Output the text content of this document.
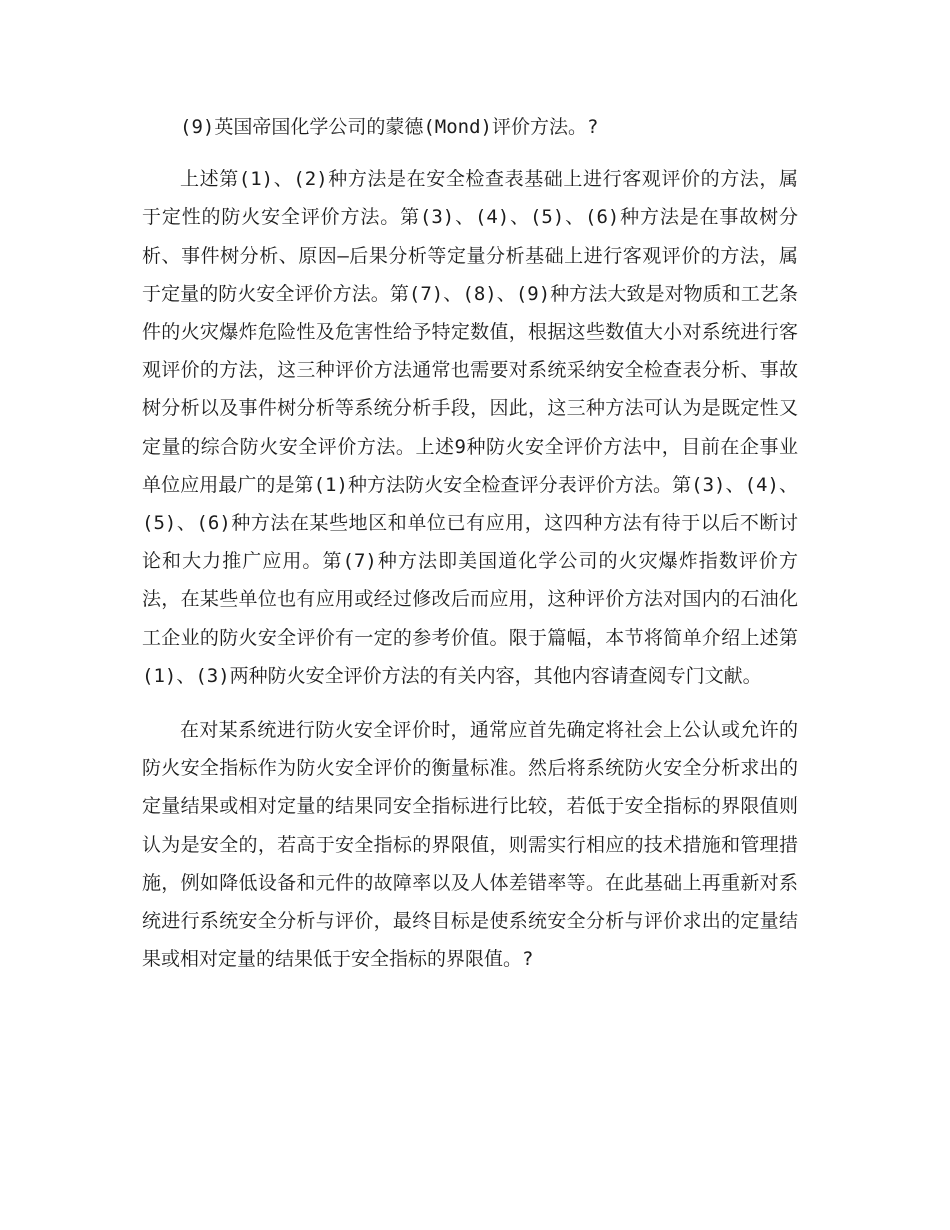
(9)英国帝国化学公司的蒙德(Mond)评价方法。?

上述第(1)、(2)种方法是在安全检查表基础上进行客观评价的方法，属于定性的防火安全评价方法。第(3)、(4)、(5)、(6)种方法是在事故树分析、事件树分析、原因—后果分析等定量分析基础上进行客观评价的方法，属于定量的防火安全评价方法。第(7)、(8)、(9)种方法大致是对物质和工艺条件的火灾爆炸危险性及危害性给予特定数值，根据这些数值大小对系统进行客观评价的方法，这三种评价方法通常也需要对系统采纳安全检查表分析、事故树分析以及事件树分析等系统分析手段，因此，这三种方法可认为是既定性又定量的综合防火安全评价方法。上述9种防火安全评价方法中，目前在企事业单位应用最广的是第(1)种方法防火安全检查评分表评价方法。第(3)、(4)、(5)、(6)种方法在某些地区和单位已有应用，这四种方法有待于以后不断讨论和大力推广应用。第(7)种方法即美国道化学公司的火灾爆炸指数评价方法，在某些单位也有应用或经过修改后而应用，这种评价方法对国内的石油化工企业的防火安全评价有一定的参考价值。限于篇幅，本节将简单介绍上述第(1)、(3)两种防火安全评价方法的有关内容，其他内容请查阅专门文献。

在对某系统进行防火安全评价时，通常应首先确定将社会上公认或允许的防火安全指标作为防火安全评价的衡量标准。然后将系统防火安全分析求出的定量结果或相对定量的结果同安全指标进行比较，若低于安全指标的界限值则认为是安全的，若高于安全指标的界限值，则需实行相应的技术措施和管理措施，例如降低设备和元件的故障率以及人体差错率等。在此基础上再重新对系统进行系统安全分析与评价，最终目标是使系统安全分析与评价求出的定量结果或相对定量的结果低于安全指标的界限值。?
